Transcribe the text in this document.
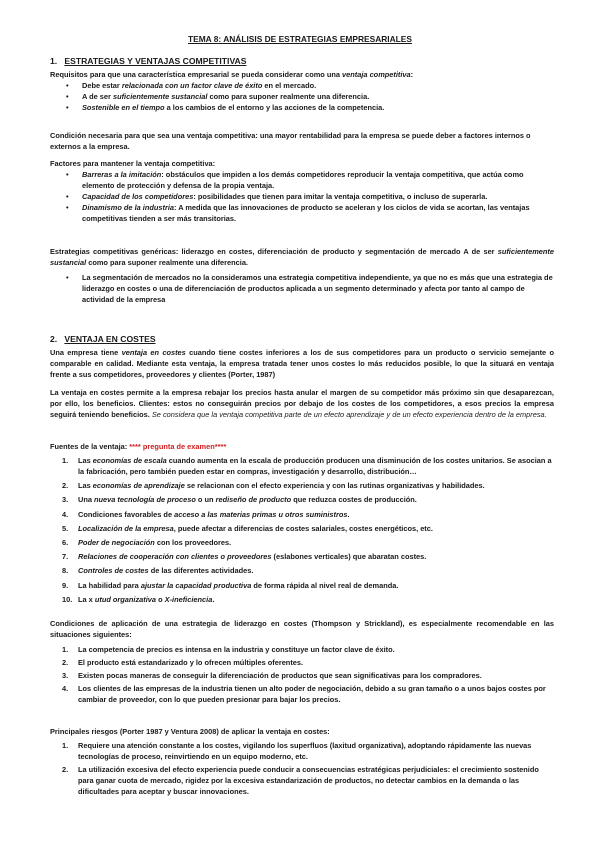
TEMA 8: ANÁLISIS DE ESTRATEGIAS EMPRESARIALES
1. ESTRATEGIAS Y VENTAJAS COMPETITIVAS

Requisitos para que una característica empresarial se pueda considerar como una ventaja competitiva:

• Debe estar relacionada con un factor clave de éxito en el mercado.
• A de ser suficientemente sustancial como para suponer realmente una diferencia.
• Sostenible en el tiempo a los cambios de el entorno y las acciones de la competencia.

Condición necesaria para que sea una ventaja competitiva: una mayor rentabilidad para la empresa se puede deber a factores internos o externos a la empresa.

Factores para mantener la ventaja competitiva:

• Barreras a la imitación: obstáculos que impiden a los demás competidores reproducir la ventaja competitiva, que actúa como elemento de protección y defensa de la propia ventaja.
• Capacidad de los competidores: posibilidades que tienen para imitar la ventaja competitiva, o incluso de superarla.
• Dinamismo de la industria: A medida que las innovaciones de producto se aceleran y los ciclos de vida se acortan, las ventajas competitivas tienden a ser más transitorias.

Estrategias competitivas genéricas: liderazgo en costes, diferenciación de producto y segmentación de mercado A de ser suficientemente sustancial como para suponer realmente una diferencia.

• La segmentación de mercados no la consideramos una estrategia competitiva independiente, ya que no es más que una estrategia de liderazgo en costes o una de diferenciación de productos aplicada a un segmento determinado y afecta por tanto al campo de actividad de la empresa
2. VENTAJA EN COSTES

Una empresa tiene ventaja en costes cuando tiene costes inferiores a los de sus competidores para un producto o servicio semejante o comparable en calidad. Mediante esta ventaja, la empresa tratada tener unos costes lo más reducidos posible, lo que la situará en ventaja frente a sus competidores, proveedores y clientes (Porter, 1987)

La ventaja en costes permite a la empresa rebajar los precios hasta anular el margen de su competidor más próximo sin que desaparezcan, por ello, los beneficios. Clientes: estos no conseguirán precios por debajo de los costes de los competidores, a esos precios la empresa seguirá teniendo beneficios. Se considera que la ventaja competitiva parte de un efecto aprendizaje y de un efecto experiencia dentro de la empresa.

Fuentes de la ventaja: **** pregunta de examen****

1. Las economías de escala cuando aumenta en la escala de producción producen una disminución de los costes unitarios. Se asocian a la fabricación, pero también pueden estar en compras, investigación y desarrollo, distribución…
2. Las economías de aprendizaje se relacionan con el efecto experiencia y con las rutinas organizativas y habilidades.
3. Una nueva tecnología de proceso o un rediseño de producto que reduzca costes de producción.
4. Condiciones favorables de acceso a las materias primas u otros suministros.
5. Localización de la empresa, puede afectar a diferencias de costes salariales, costes energéticos, etc.
6. Poder de negociación con los proveedores.
7. Relaciones de cooperación con clientes o proveedores (eslabones verticales) que abaratan costes.
8. Controles de costes de las diferentes actividades.
9. La habilidad para ajustar la capacidad productiva de forma rápida al nivel real de demanda.
10. La x utud organizativa o X-ineficiencia.

Condiciones de aplicación de una estrategia de liderazgo en costes (Thompson y Strickland), es especialmente recomendable en las situaciones siguientes:

1. La competencia de precios es intensa en la industria y constituye un factor clave de éxito.
2. El producto está estandarizado y lo ofrecen múltiples oferentes.
3. Existen pocas maneras de conseguir la diferenciación de productos que sean significativas para los compradores.
4. Los clientes de las empresas de la industria tienen un alto poder de negociación, debido a su gran tamaño o a unos bajos costes por cambiar de proveedor, con lo que pueden presionar para bajar los precios.

Principales riesgos (Porter 1987 y Ventura 2008) de aplicar la ventaja en costes:

1. Requiere una atención constante a los costes, vigilando los superfluos (laxitud organizativa), adoptando rápidamente las nuevas tecnologías de proceso, reinvirtiendo en un equipo moderno, etc.
2. La utilización excesiva del efecto experiencia puede conducir a consecuencias estratégicas perjudiciales: el crecimiento sostenido para ganar cuota de mercado, rigidez por la excesiva estandarización de productos, no detectar cambios en la demanda o las dificultades para aceptar y buscar innovaciones.
